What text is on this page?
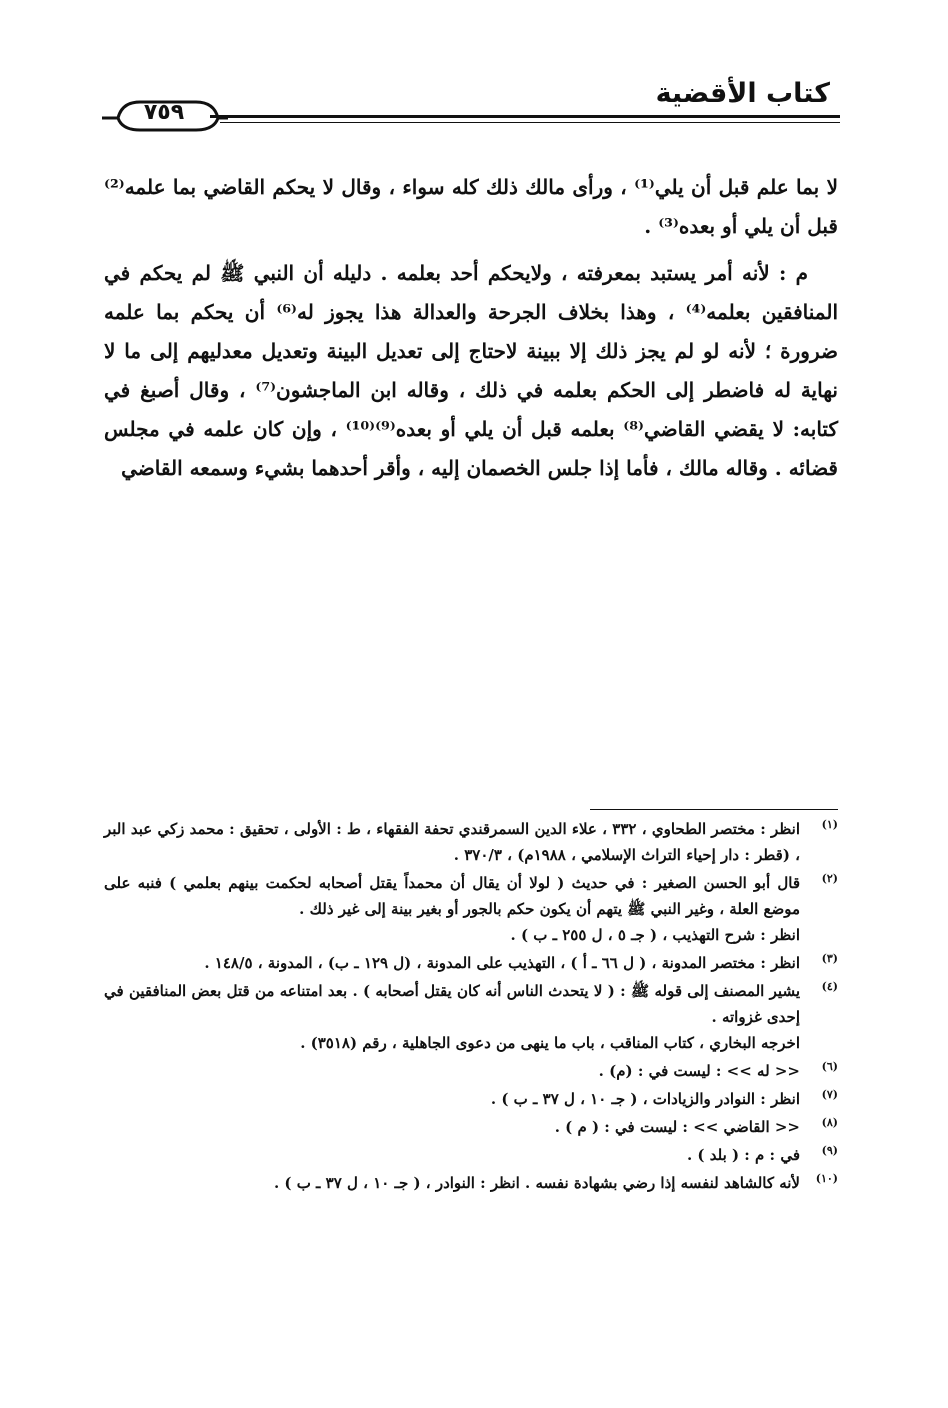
٧٥٩
كتاب الأقضية

لا بما علم قبل أن يلي⁽¹⁾ ، ورأى مالك ذلك كله سواء ، وقال لا يحكم القاضي بما علمه⁽²⁾ قبل أن يلي أو بعده⁽³⁾ .

م : لأنه أمر يستبد بمعرفته ، ولايحكم أحد بعلمه . دليله أن النبي ﷺ لم يحكم في المنافقين بعلمه⁽⁴⁾ ، وهذا بخلاف الجرحة والعدالة هذا يجوز له⁽⁶⁾ أن يحكم بما علمه ضرورة ؛ لأنه لو لم يجز ذلك إلا ببينة لاحتاج إلى تعديل البينة وتعديل معدليهم إلى ما لا نهاية له فاضطر إلى الحكم بعلمه في ذلك ، وقاله ابن الماجشون⁽⁷⁾ ، وقال أصبغ في كتابه: لا يقضي القاضي⁽⁸⁾ بعلمه قبل أن يلي أو بعده⁽⁹⁾⁽¹⁰⁾ ، وإن كان علمه في مجلس قضائه . وقاله مالك ، فأما إذا جلس الخصمان إليه ، وأقر أحدهما بشيء وسمعه القاضي

(١)
انظر : مختصر الطحاوي ، ٣٣٢ ، علاء الدين السمرقندي تحفة الفقهاء ، ط : الأولى ، تحقيق : محمد زكي عبد البر ، (قطر : دار إحياء التراث الإسلامي ، ١٩٨٨م) ، ٣٧٠/٣ .
(٢)
قال أبو الحسن الصغير : في حديث ( لولا أن يقال أن محمداً يقتل أصحابه لحكمت بينهم بعلمي ) فنبه على موضع العلة ، وغير النبي ﷺ يتهم أن يكون حكم بالجور أو بغير بينة إلى غير ذلك .
انظر : شرح التهذيب ، ( جـ ٥ ، ل ٢٥٥ ـ ب ) .
(٣)
انظر : مختصر المدونة ، ( ل ٦٦ ـ أ ) ، التهذيب على المدونة ، (ل ١٢٩ ـ ب) ، المدونة ، ١٤٨/٥ .
(٤)
يشير المصنف إلى قوله ﷺ : ( لا يتحدث الناس أنه كان يقتل أصحابه ) . بعد امتناعه من قتل بعض المنافقين في إحدى غزواته .
اخرجه البخاري ، كتاب المناقب ، باب ما ينهى من دعوى الجاهلية ، رقم (٣٥١٨) .
(٦)
<< له >> : ليست في : (م) .
(٧)
انظر : النوادر والزيادات ، ( جـ ١٠ ، ل ٣٧ ـ ب ) .
(٨)
<< القاضي >> : ليست في : ( م ) .
(٩)
في : م : ( بلد ) .
(١٠)
لأنه كالشاهد لنفسه إذا رضي بشهادة نفسه . انظر : النوادر ، ( جـ ١٠ ، ل ٣٧ ـ ب ) .
